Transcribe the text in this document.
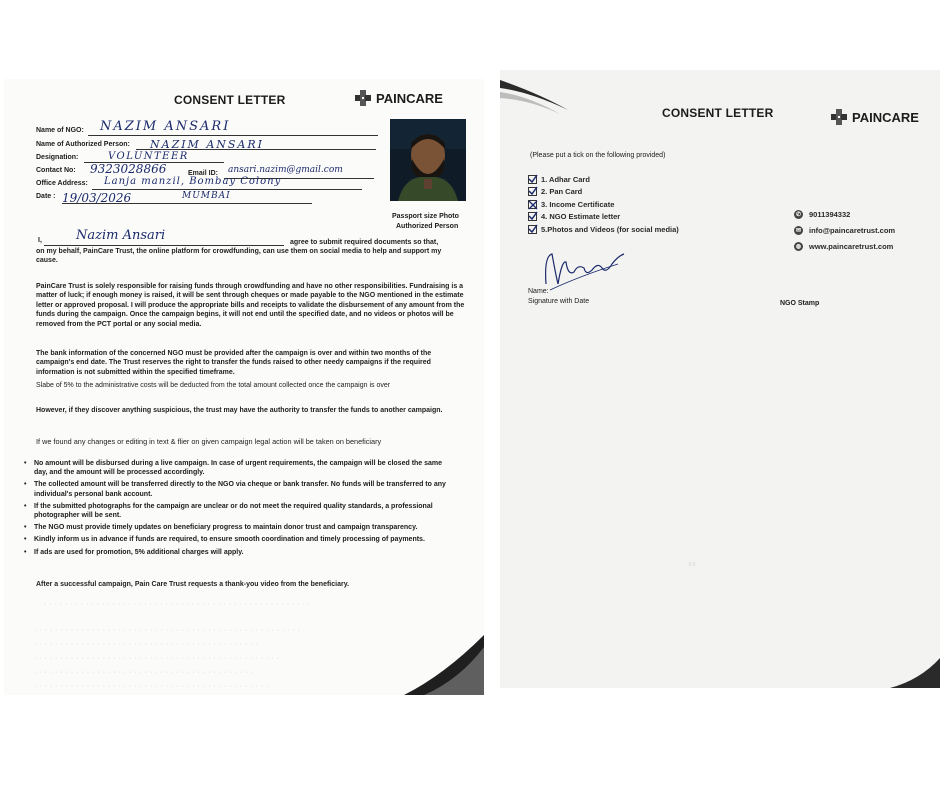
CONSENT LETTER	PAINCARE
Name of NGO: NAZIM ANSARI
Name of Authorized Person: NAZIM ANSARI
Designation:	VOLUNTEER
Contact No: 9323028866	Email ID: ansari.nazim@gmail.com
Office Address: Lanja manzil, Bombay Colony
Date : 19/03/2026	MUMBAI
Passport size Photo
Authorized Person
I,	Nazim Ansari	agree to submit required documents so that,
on my behalf, PainCare Trust, the online platform for crowdfunding, can use them on social media to help and support my cause.
PainCare Trust is solely responsible for raising funds through crowdfunding and have no other responsibilities. Fundraising is a matter of luck; if enough money is raised, it will be sent through cheques or made payable to the NGO mentioned in the estimate letter or approved proposal. I will produce the appropriate bills and receipts to validate the disbursement of any amount from the funds during the campaign. Once the campaign begins, it will not end until the specified date, and no videos or photos will be removed from the PCT portal or any social media.
The bank information of the concerned NGO must be provided after the campaign is over and within two months of the campaign's end date. The Trust reserves the right to transfer the funds raised to other needy campaigns if the required information is not submitted within the specified timeframe.
Slabe of 5% to the administrative costs will be deducted from the total amount collected once the campaign is over
However, if they discover anything suspicious, the trust may have the authority to transfer the funds to another campaign.
If we found any changes or editing in text & flier on given campaign legal action will be taken on beneficiary
• No amount will be disbursed during a live campaign. In case of urgent requirements, the campaign will be closed the same day, and the amount will be processed accordingly.
• The collected amount will be transferred directly to the NGO via cheque or bank transfer. No funds will be transferred to any individual's personal bank account.
• If the submitted photographs for the campaign are unclear or do not meet the required quality standards, a professional photographer will be sent.
• The NGO must provide timely updates on beneficiary progress to maintain donor trust and campaign transparency.
• Kindly inform us in advance if funds are required, to ensure smooth coordination and timely processing of payments.
• If ads are used for promotion, 5% additional charges will apply.
After a successful campaign, Pain Care Trust requests a thank-you video from the beneficiary.
· · · · · · · · · · · · · · · · · · · · · · · · · · · · · · · · · · · · · · · · · · · · · · · · · · ·
· · · · · · · · · · · · · · · · · · · · · · · · · · · · · · · · · · · · · · · · · · · · · · · · · · ·
· · · · · · · · · · · · · · · · · · · · · · · · · · · · · · · · · · · · · · · · · · ·
· · · · · · · · · · · · · · · · · · · · · · · · · · · · · · · · · · · · · · · · · · · · · · ·
· · · · · · · · · · · · · · · · · · · · · · · · · · · · · · · · · · · · · · · · · ·
· · · · · · · · · · · · · · · · · · · · · · · · · · · · · · · · · · · · · · · · · · · · ·
CONSENT LETTER	PAINCARE
(Please put a tick on the following provided)
1. Adhar Card
2. Pan Card
3. Income Certificate
4. NGO Estimate letter
5.Photos and Videos (for social media)
✆ 9011394332
✉ info@paincaretrust.com
◍ www.paincaretrust.com
Name:
Signature with Date	NGO Stamp
ꝛꝛ
